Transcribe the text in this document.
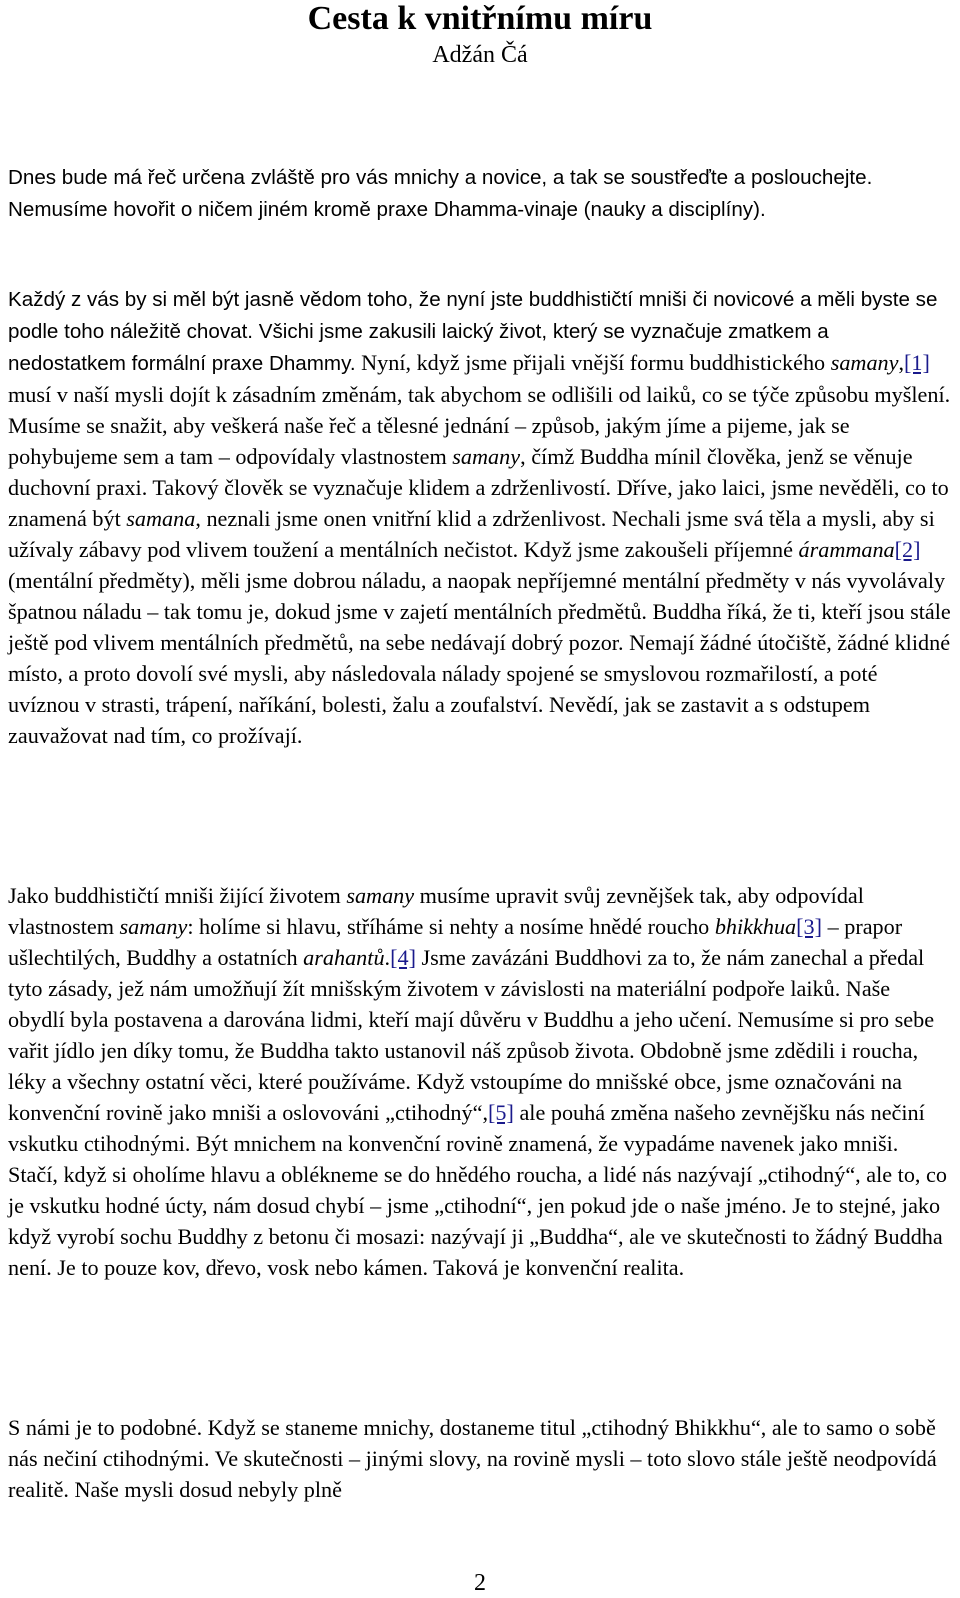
Cesta k vnitřnímu míru
Adžán Čá

Dnes bude má řeč určena zvláště pro vás mnichy a novice, a tak se soustřeďte a poslouchejte. Nemusíme hovořit o ničem jiném kromě praxe Dhamma-vinaje (nauky a disciplíny).

Každý z vás by si měl být jasně vědom toho, že nyní jste buddhističtí mniši či novicové a měli byste se podle toho náležitě chovat. Všichi jsme zakusili laický život, který se vyznačuje zmatkem a nedostatkem formální praxe Dhammy. Nyní, když jsme přijali vnější formu buddhistického samany,[1] musí v naší mysli dojít k zásadním změnám, tak abychom se odlišili od laiků, co se týče způsobu myšlení. Musíme se snažit, aby veškerá naše řeč a tělesné jednání – způsob, jakým jíme a pijeme, jak se pohybujeme sem a tam – odpovídaly vlastnostem samany, čímž Buddha mínil člověka, jenž se věnuje duchovní praxi. Takový člověk se vyznačuje klidem a zdrženlivostí. Dříve, jako laici, jsme nevěděli, co to znamená být samana, neznali jsme onen vnitřní klid a zdrženlivost. Nechali jsme svá těla a mysli, aby si užívaly zábavy pod vlivem toužení a mentálních nečistot. Když jsme zakoušeli příjemné árammana[2] (mentální předměty), měli jsme dobrou náladu, a naopak nepříjemné mentální předměty v nás vyvolávaly špatnou náladu – tak tomu je, dokud jsme v zajetí mentálních předmětů. Buddha říká, že ti, kteří jsou stále ještě pod vlivem mentálních předmětů, na sebe nedávají dobrý pozor. Nemají žádné útočiště, žádné klidné místo, a proto dovolí své mysli, aby následovala nálady spojené se smyslovou rozmařilostí, a poté uvíznou v strasti, trápení, naříkání, bolesti, žalu a zoufalství. Nevědí, jak se zastavit a s odstupem zauvažovat nad tím, co prožívají.

Jako buddhističtí mniši žijící životem samany musíme upravit svůj zevnějšek tak, aby odpovídal vlastnostem samany: holíme si hlavu, stříháme si nehty a nosíme hnědé roucho bhikkhua[3] – prapor ušlechtilých, Buddhy a ostatních arahantů.[4] Jsme zavázáni Buddhovi za to, že nám zanechal a předal tyto zásady, jež nám umožňují žít mnišským životem v závislosti na materiální podpoře laiků. Naše obydlí byla postavena a darována lidmi, kteří mají důvěru v Buddhu a jeho učení. Nemusíme si pro sebe vařit jídlo jen díky tomu, že Buddha takto ustanovil náš způsob života. Obdobně jsme zdědili i roucha, léky a všechny ostatní věci, které používáme. Když vstoupíme do mnišské obce, jsme označováni na konvenční rovině jako mniši a oslovováni „ctihodný“,[5] ale pouhá změna našeho zevnějšku nás nečiní vskutku ctihodnými. Být mnichem na konvenční rovině znamená, že vypadáme navenek jako mniši. Stačí, když si oholíme hlavu a oblékneme se do hnědého roucha, a lidé nás nazývají „ctihodný“, ale to, co je vskutku hodné úcty, nám dosud chybí – jsme „ctihodní“, jen pokud jde o naše jméno. Je to stejné, jako když vyrobí sochu Buddhy z betonu či mosazi: nazývají ji „Buddha“, ale ve skutečnosti to žádný Buddha není. Je to pouze kov, dřevo, vosk nebo kámen. Taková je konvenční realita.

S námi je to podobné. Když se staneme mnichy, dostaneme titul „ctihodný Bhikkhu“, ale to samo o sobě nás nečiní ctihodnými. Ve skutečnosti – jinými slovy, na rovině mysli – toto slovo stále ještě neodpovídá realitě. Naše mysli dosud nebyly plně

2
